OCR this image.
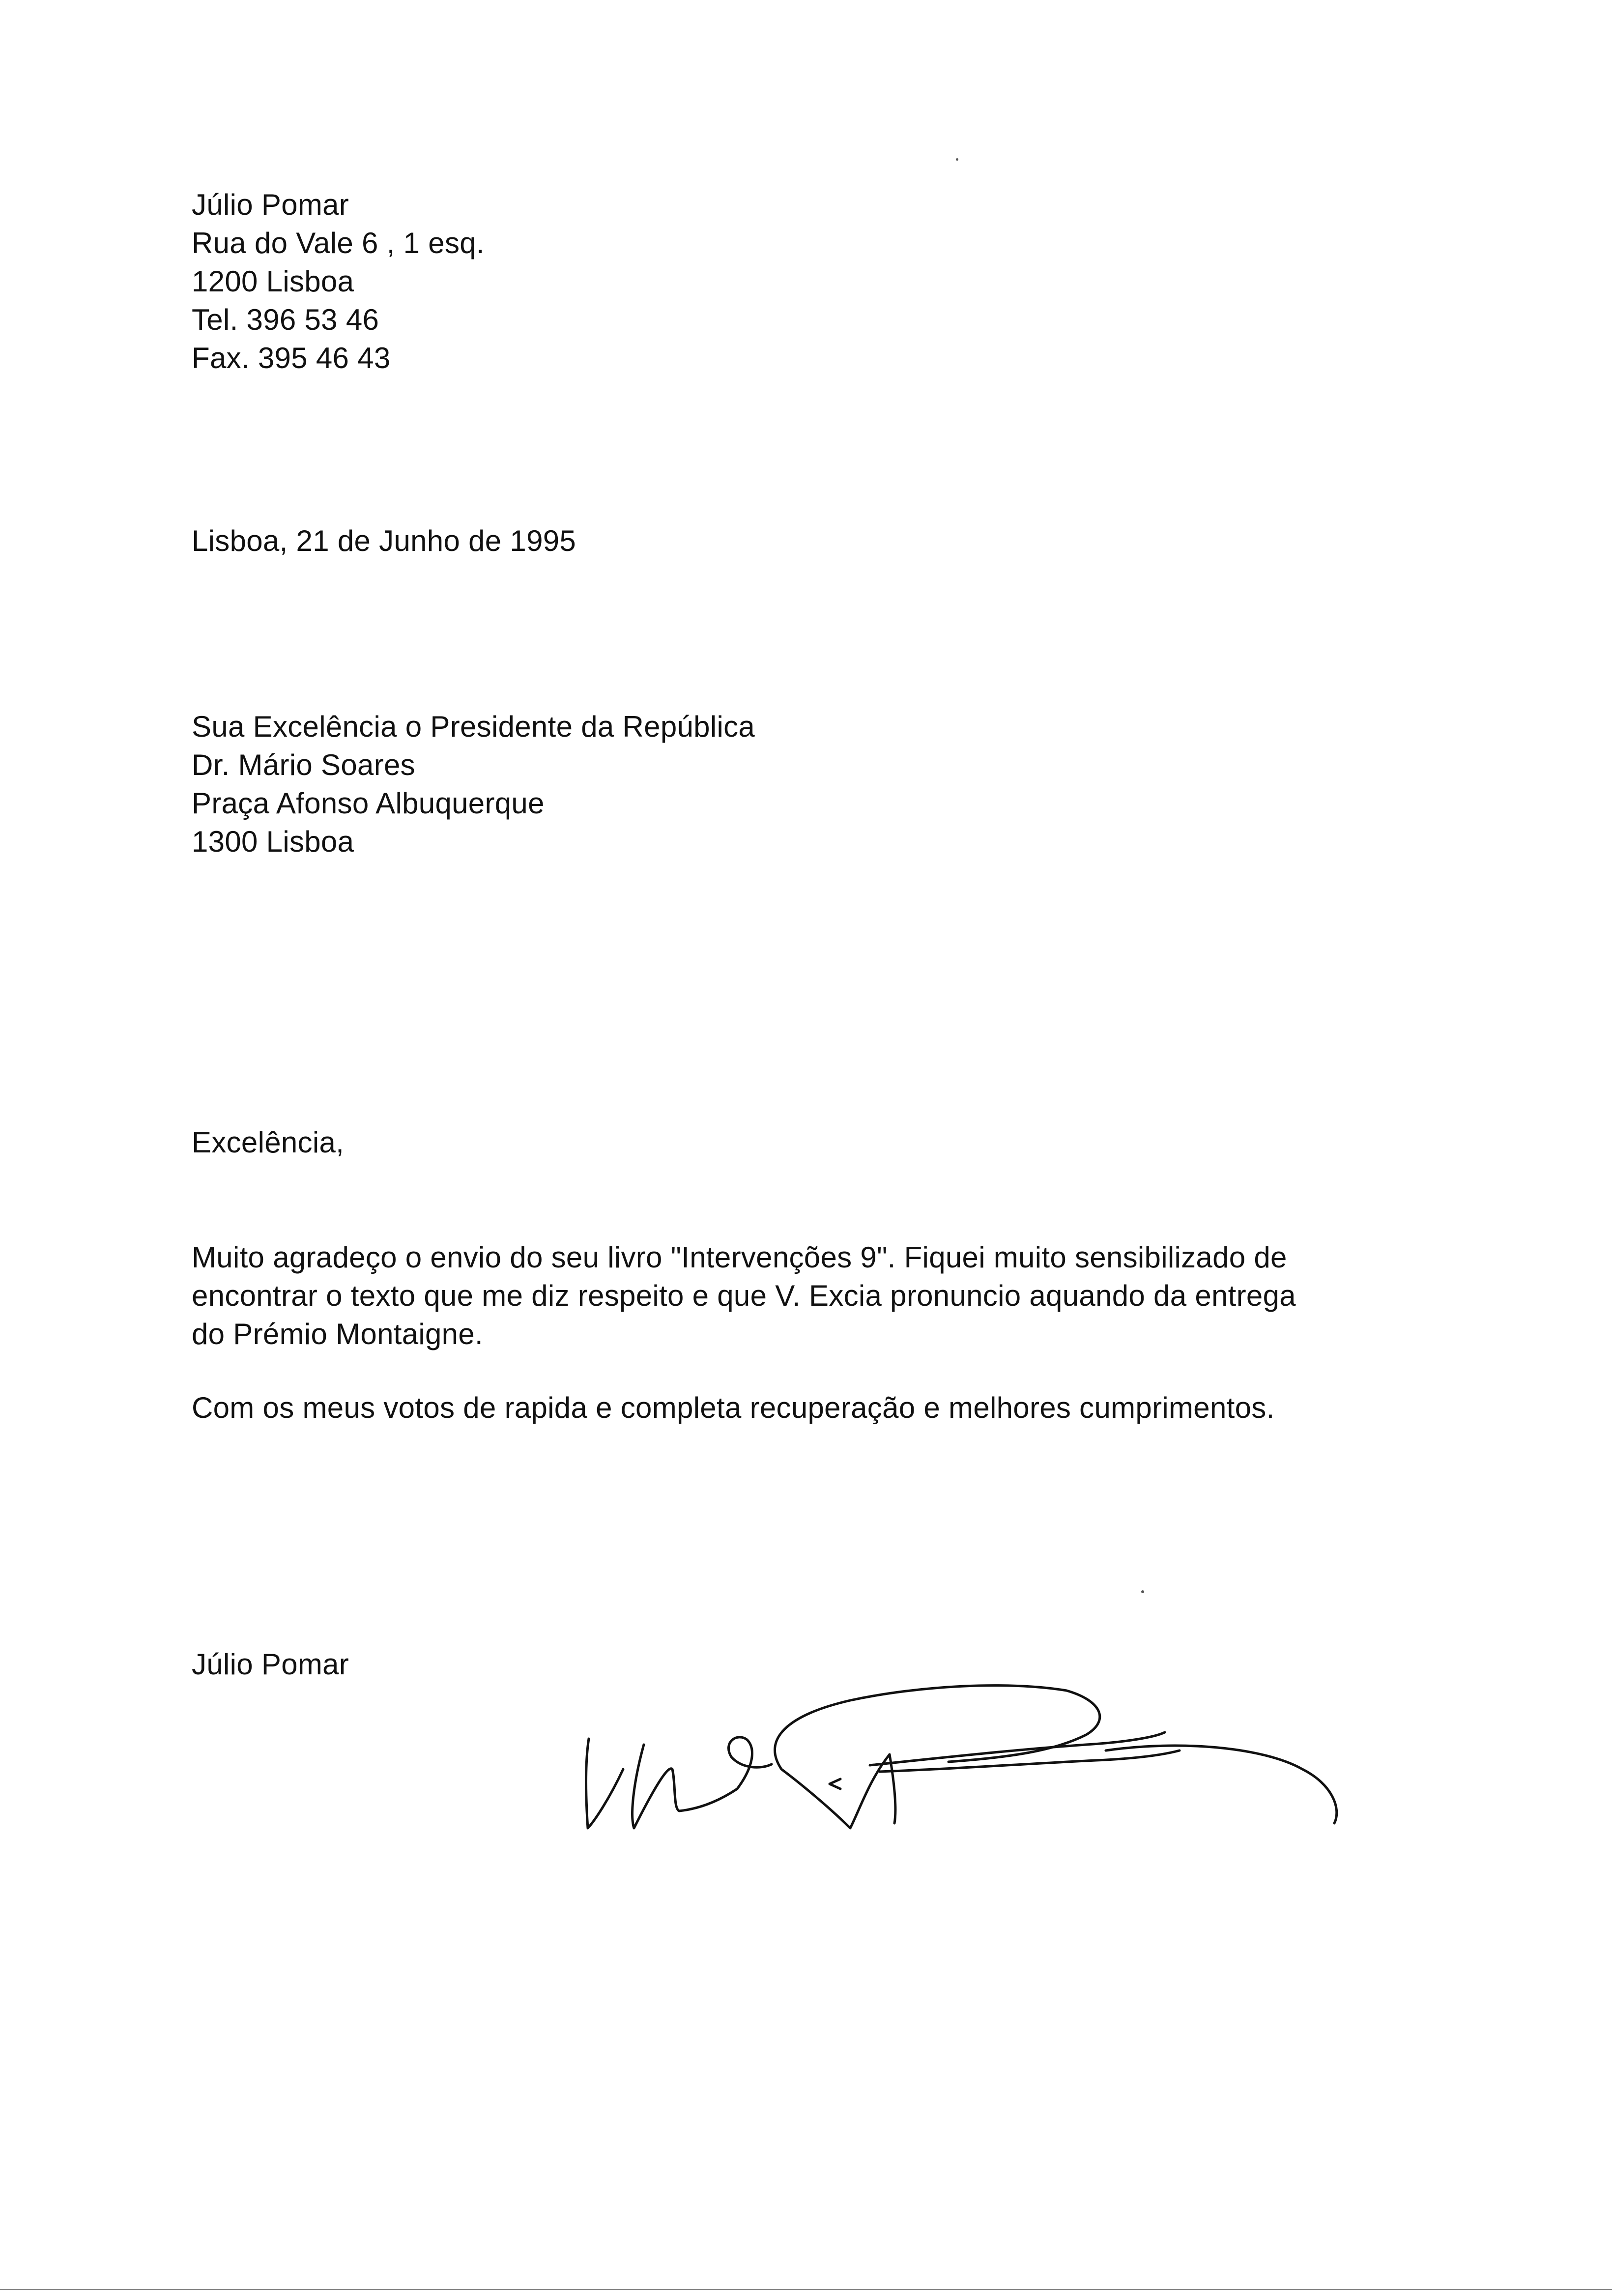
Júlio Pomar
Rua do Vale 6 , 1 esq.
1200 Lisboa
Tel. 396 53 46
Fax. 395 46 43
Lisboa, 21 de Junho de 1995
Sua Excelência o Presidente da República
Dr. Mário Soares
Praça Afonso Albuquerque
1300 Lisboa
Excelência,
Muito agradeço o envio do seu livro "Intervenções 9". Fiquei muito sensibilizado de
encontrar o texto que me diz respeito e que V. Excia pronuncio aquando da entrega
do Prémio Montaigne.
Com os meus votos de rapida e completa recuperação e melhores cumprimentos.
Júlio Pomar
